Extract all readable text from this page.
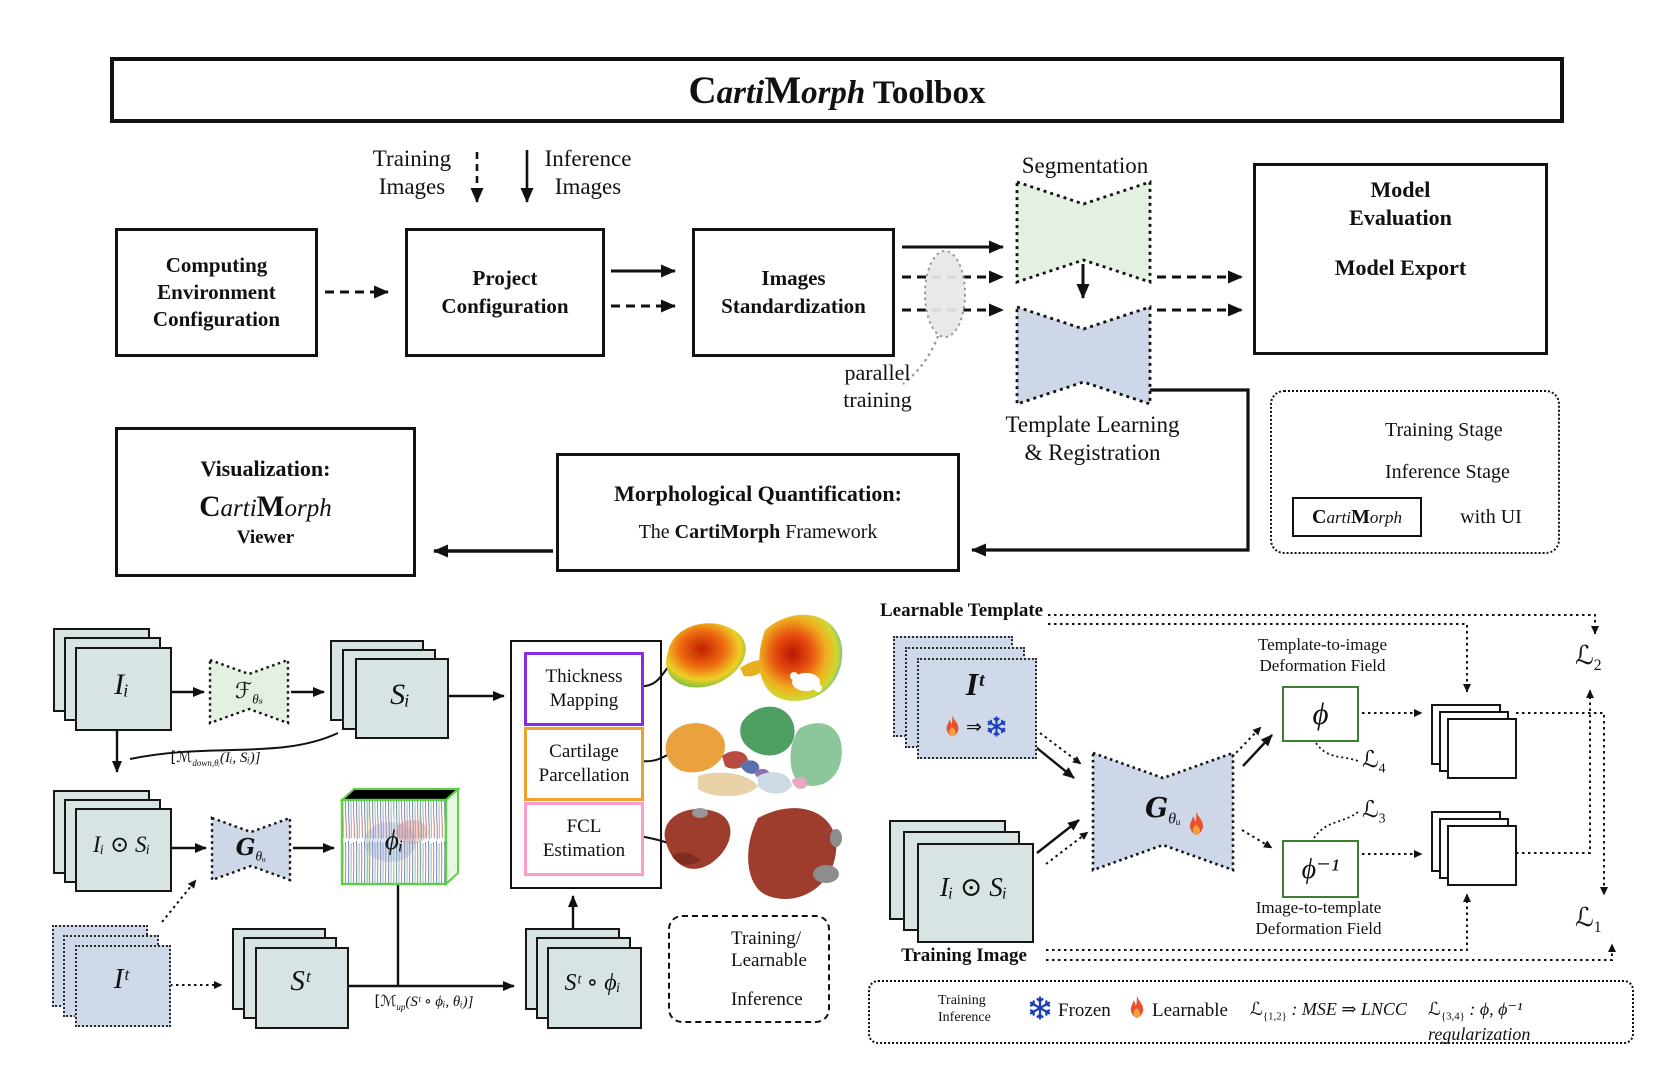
CartiMorph Toolbox
Training
Images
Inference
Images
Computing
Environment
Configuration
Project
Configuration
Images
Standardization
Segmentation
parallel
training
Template Learning
& Registration
Model
Evaluation
Model Export
Visualization:
CartiMorph
Viewer
Morphological Quantification:
The CartiMorph Framework
Training Stage
Inference Stage
CartiMorph	with UI
Iᵢ	ℱ$_{\theta_s}$	Sᵢ
[ℳ$_{down,\theta ᵢ}$(Iᵢ, Sᵢ)]
Iᵢ ⊙ Sᵢ	$G_{\theta ᵤ}$
ϕᵢ
Iᵗ	Sᵗ
[ℳ$_{up}$(Sᵗ ∘ ϕᵢ, θᵢ)]
Sᵗ ∘ ϕᵢ
Thickness
Mapping
Cartilage
Parcellation
FCL
Estimation
Training/
Learnable
Inference
Learnable Template
Iᵗ
⇒
Iᵢ ⊙ Sᵢ
Training Image
$G_{\theta ᵤ}$
Template-to-image
Deformation Field
ϕ
ϕ⁻¹
Image-to-template
Deformation Field
ℒ$_4$
ℒ$_3$
ℒ$_2$
ℒ$_1$
Training
Inference	Frozen	Learnable	ℒ$_{\{1,2\}}$ : MSE ⇒ LNCC	ℒ$_{\{3,4\}}$ : ϕ, ϕ⁻¹ regularization
